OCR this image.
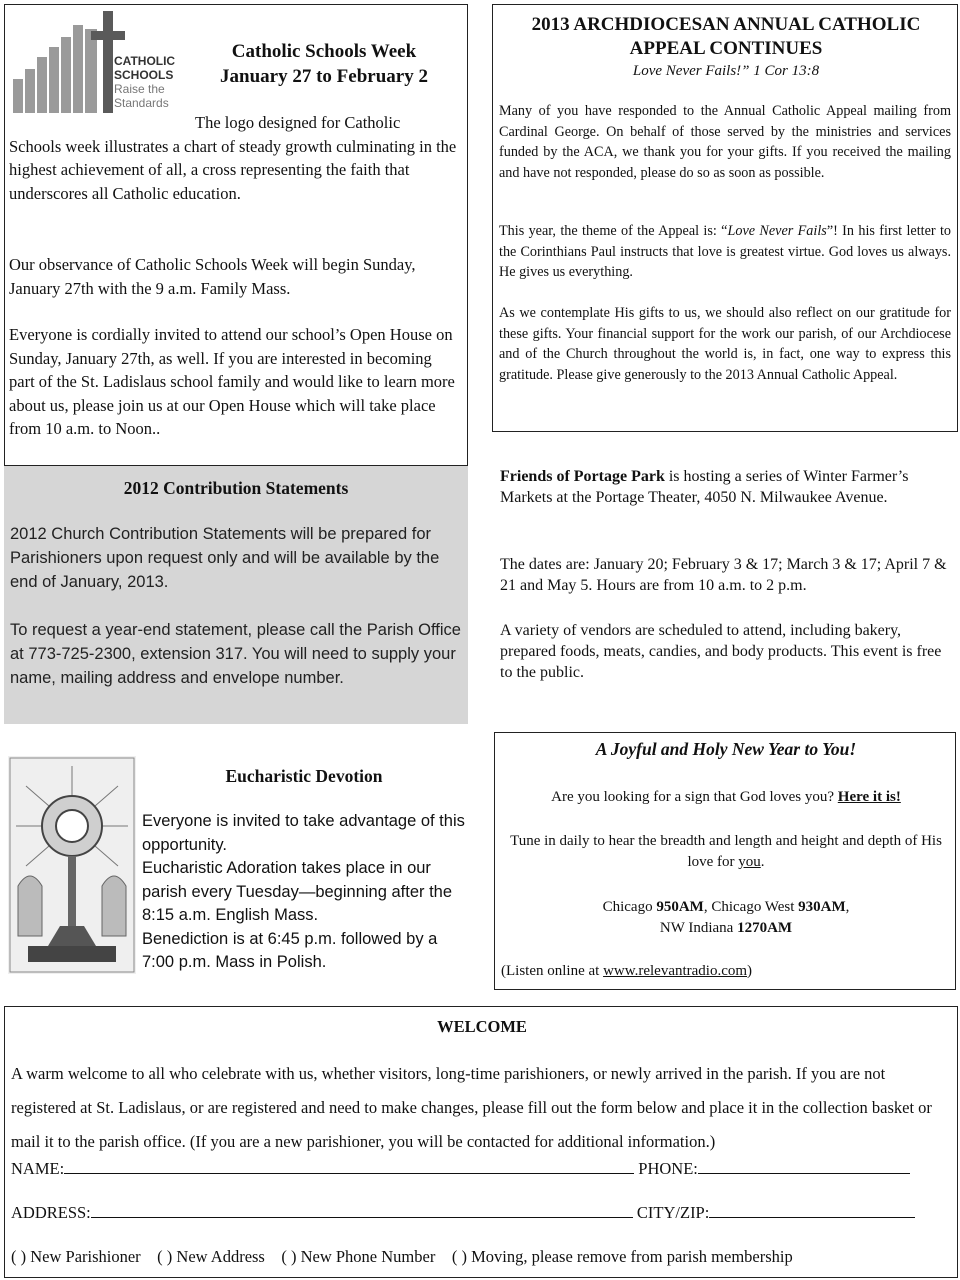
CATHOLIC
SCHOOLS
Raise the
Standards
Catholic Schools Week
January 27 to February 2

The logo designed for Catholic
Schools week illustrates a chart of steady growth culminating in the highest achievement of all, a cross representing the faith that underscores all Catholic education.

Our observance of Catholic Schools Week will begin Sunday, January 27th with the 9 a.m. Family Mass.

Everyone is cordially invited to attend our school’s Open House on Sunday, January 27th, as well. If you are interested in becoming part of the St. Ladislaus school family and would like to learn more about us, please join us at our Open House which will take place from 10 a.m. to Noon..

2012 Contribution Statements

2012 Church Contribution Statements will be prepared for Parishioners upon request only and will be available by the end of January, 2013.

To request a year-end statement, please call the Parish Office at 773-725-2300, extension 317. You will need to supply your name, mailing address and envelope number.

Eucharistic Devotion

Everyone is invited to take advantage of this opportunity.

Eucharistic Adoration takes place in our parish every Tuesday—beginning after the 8:15 a.m. English Mass.

Benediction is at 6:45 p.m. followed by a 7:00 p.m. Mass in Polish.

2013 ARCHDIOCESAN ANNUAL CATHOLIC
APPEAL CONTINUES
Love Never Fails!” 1 Cor 13:8

Many of you have responded to the Annual Catholic Appeal mailing from Cardinal George. On behalf of those served by the ministries and services funded by the ACA, we thank you for your gifts. If you received the mailing and have not responded, please do so as soon as possible.

This year, the theme of the Appeal is: “Love Never Fails”! In his first letter to the Corinthians Paul instructs that love is greatest virtue. God loves us always. He gives us everything.

As we contemplate His gifts to us, we should also reflect on our gratitude for these gifts. Your financial support for the work our parish, of our Archdiocese and of the Church throughout the world is, in fact, one way to express this gratitude. Please give generously to the 2013 Annual Catholic Appeal.

Friends of Portage Park is hosting a series of Winter Farmer’s Markets at the Portage Theater, 4050 N. Milwaukee Avenue.

The dates are: January 20; February 3 & 17; March 3 & 17; April 7 & 21 and May 5. Hours are from 10 a.m. to 2 p.m.

A variety of vendors are scheduled to attend, including bakery, prepared foods, meats, candies, and body products. This event is free to the public.

A Joyful and Holy New Year to You!

Are you looking for a sign that God loves you? Here it is!

Tune in daily to hear the breadth and length and height and depth of His love for you.

Chicago 950AM, Chicago West 930AM,
NW Indiana 1270AM

(Listen online at www.relevantradio.com)

WELCOME

A warm welcome to all who celebrate with us, whether visitors, long-time parishioners, or newly arrived in the parish. If you are not registered at St. Ladislaus, or are registered and need to make changes, please fill out the form below and place it in the collection basket or mail it to the parish office. (If you are a new parishioner, you will be contacted for additional information.)

NAME:	PHONE:
ADDRESS:	CITY/ZIP:
( ) New Parishioner ( ) New Address ( ) New Phone Number ( ) Moving, please remove from parish membership
